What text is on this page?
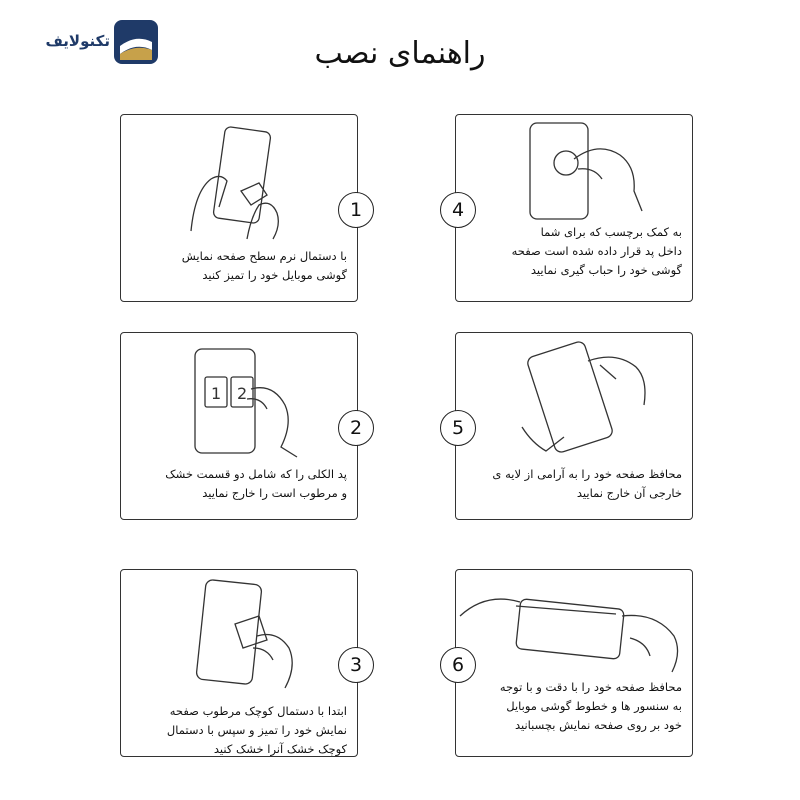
تکنولایف	راهنمای نصب
با دستمال نرم سطح صفحه نمایش
گوشی موبایل خود را تمیز کنید
1
1 2
پد الکلی را که شامل دو قسمت خشک
و مرطوب است را خارج نمایید
2
ابتدا با دستمال کوچک مرطوب صفحه
نمایش خود را تمیز و سپس با دستمال
کوچک خشک آنرا خشک کنید
3
به کمک برچسب که برای شما
داخل پد قرار داده شده است صفحه
گوشی خود را حباب گیری نمایید
4
محافظ صفحه خود را به آرامی از لایه ی
خارجی آن خارج نمایید
5
محافظ صفحه خود را با دقت و با توجه
به سنسور ها و خطوط گوشی موبایل
خود بر روی صفحه نمایش بچسبانید
6
